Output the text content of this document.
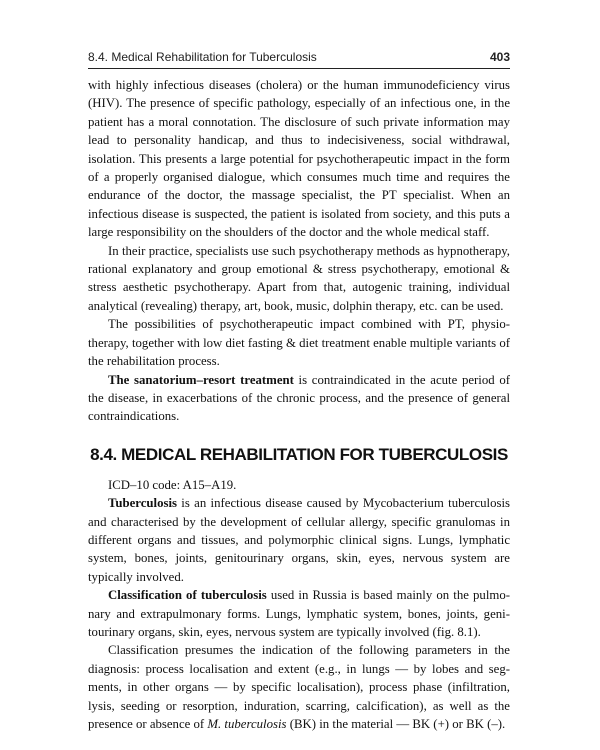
8.4. Medical Rehabilitation for Tuberculosis	403

with highly infectious diseases (cholera) or the human immunodeficiency virus (HIV). The presence of specific pathology, especially of an infectious one, in the patient has a moral connotation. The disclosure of such private information may lead to personality handicap, and thus to indecisiveness, social withdrawal, isolation. This presents a large potential for psychotherapeutic impact in the form of a properly organised dialogue, which consumes much time and requires the endurance of the doctor, the massage specialist, the PT specialist. When an infectious disease is suspected, the patient is isolated from society, and this puts a large responsibility on the shoulders of the doctor and the whole medical staff.

In their practice, specialists use such psychotherapy methods as hypnotherapy, rational explanatory and group emotional & stress psychotherapy, emotional & stress aesthetic psychotherapy. Apart from that, autogenic training, individual analytical (revealing) therapy, art, book, music, dolphin therapy, etc. can be used.

The possibilities of psychotherapeutic impact combined with PT, physiotherapy, together with low diet fasting & diet treatment enable multiple variants of the rehabilitation process.

The sanatorium–resort treatment is contraindicated in the acute period of the disease, in exacerbations of the chronic process, and the presence of general contraindications.

8.4. MEDICAL REHABILITATION FOR TUBERCULOSIS

ICD–10 code: A15–A19.

Tuberculosis is an infectious disease caused by Mycobacterium tuberculosis and characterised by the development of cellular allergy, specific granulomas in different organs and tissues, and polymorphic clinical signs. Lungs, lymphatic system, bones, joints, genitourinary organs, skin, eyes, nervous system are typically involved.

Classification of tuberculosis used in Russia is based mainly on the pulmonary and extrapulmonary forms. Lungs, lymphatic system, bones, joints, genitourinary organs, skin, eyes, nervous system are typically involved (fig. 8.1).

Classification presumes the indication of the following parameters in the diagnosis: process localisation and extent (e.g., in lungs — by lobes and segments, in other organs — by specific localisation), process phase (infiltration, lysis, seeding or resorption, induration, scarring, calcification), as well as the presence or absence of M. tuberculosis (BK) in the material — BK (+) or BK (–).
